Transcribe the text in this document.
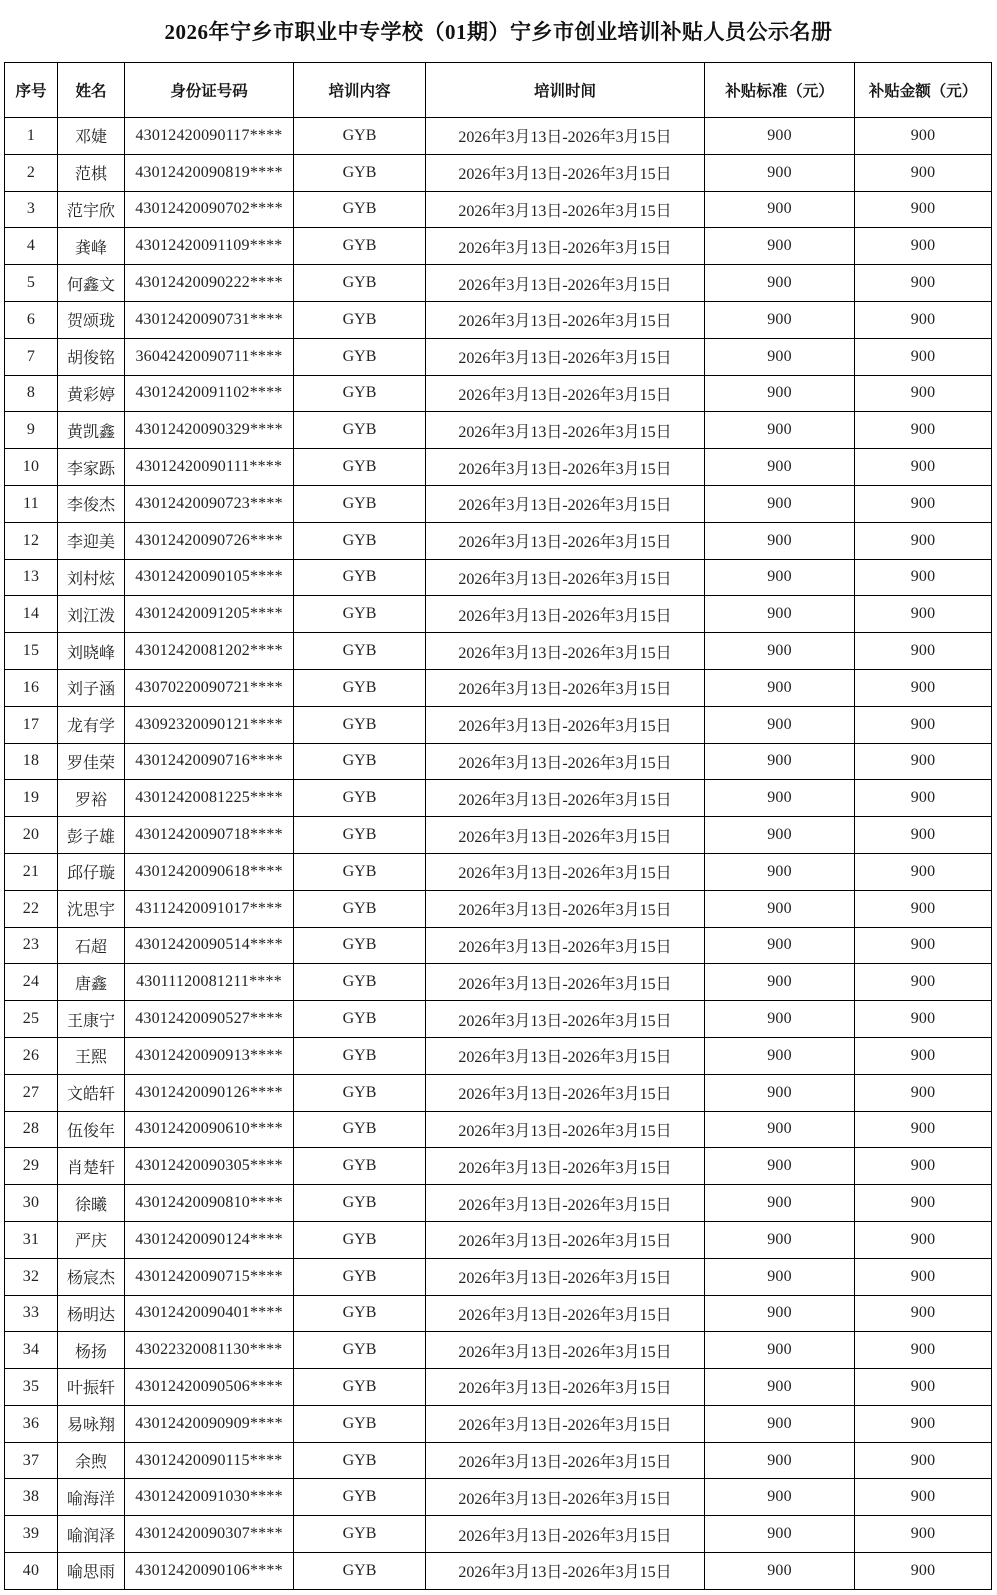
2026年宁乡市职业中专学校（01期）宁乡市创业培训补贴人员公示名册
序号	姓名	身份证号码	培训内容	培训时间	补贴标准（元）	补贴金额（元）
1	邓婕	43012420090117****	GYB	2026年3月13日-2026年3月15日	900	900
2	范棋	43012420090819****	GYB	2026年3月13日-2026年3月15日	900	900
3	范宇欣	43012420090702****	GYB	2026年3月13日-2026年3月15日	900	900
4	龚峰	43012420091109****	GYB	2026年3月13日-2026年3月15日	900	900
5	何鑫文	43012420090222****	GYB	2026年3月13日-2026年3月15日	900	900
6	贺颂珑	43012420090731****	GYB	2026年3月13日-2026年3月15日	900	900
7	胡俊铭	36042420090711****	GYB	2026年3月13日-2026年3月15日	900	900
8	黄彩婷	43012420091102****	GYB	2026年3月13日-2026年3月15日	900	900
9	黄凯鑫	43012420090329****	GYB	2026年3月13日-2026年3月15日	900	900
10	李家跞	43012420090111****	GYB	2026年3月13日-2026年3月15日	900	900
11	李俊杰	43012420090723****	GYB	2026年3月13日-2026年3月15日	900	900
12	李迎美	43012420090726****	GYB	2026年3月13日-2026年3月15日	900	900
13	刘村炫	43012420090105****	GYB	2026年3月13日-2026年3月15日	900	900
14	刘江泼	43012420091205****	GYB	2026年3月13日-2026年3月15日	900	900
15	刘晓峰	43012420081202****	GYB	2026年3月13日-2026年3月15日	900	900
16	刘子涵	43070220090721****	GYB	2026年3月13日-2026年3月15日	900	900
17	龙有学	43092320090121****	GYB	2026年3月13日-2026年3月15日	900	900
18	罗佳荣	43012420090716****	GYB	2026年3月13日-2026年3月15日	900	900
19	罗裕	43012420081225****	GYB	2026年3月13日-2026年3月15日	900	900
20	彭子雄	43012420090718****	GYB	2026年3月13日-2026年3月15日	900	900
21	邱仔璇	43012420090618****	GYB	2026年3月13日-2026年3月15日	900	900
22	沈思宇	43112420091017****	GYB	2026年3月13日-2026年3月15日	900	900
23	石超	43012420090514****	GYB	2026年3月13日-2026年3月15日	900	900
24	唐鑫	43011120081211****	GYB	2026年3月13日-2026年3月15日	900	900
25	王康宁	43012420090527****	GYB	2026年3月13日-2026年3月15日	900	900
26	王熙	43012420090913****	GYB	2026年3月13日-2026年3月15日	900	900
27	文皓轩	43012420090126****	GYB	2026年3月13日-2026年3月15日	900	900
28	伍俊年	43012420090610****	GYB	2026年3月13日-2026年3月15日	900	900
29	肖楚轩	43012420090305****	GYB	2026年3月13日-2026年3月15日	900	900
30	徐曦	43012420090810****	GYB	2026年3月13日-2026年3月15日	900	900
31	严庆	43012420090124****	GYB	2026年3月13日-2026年3月15日	900	900
32	杨宸杰	43012420090715****	GYB	2026年3月13日-2026年3月15日	900	900
33	杨明达	43012420090401****	GYB	2026年3月13日-2026年3月15日	900	900
34	杨扬	43022320081130****	GYB	2026年3月13日-2026年3月15日	900	900
35	叶振轩	43012420090506****	GYB	2026年3月13日-2026年3月15日	900	900
36	易咏翔	43012420090909****	GYB	2026年3月13日-2026年3月15日	900	900
37	余煦	43012420090115****	GYB	2026年3月13日-2026年3月15日	900	900
38	喻海洋	43012420091030****	GYB	2026年3月13日-2026年3月15日	900	900
39	喻润泽	43012420090307****	GYB	2026年3月13日-2026年3月15日	900	900
40	喻思雨	43012420090106****	GYB	2026年3月13日-2026年3月15日	900	900
